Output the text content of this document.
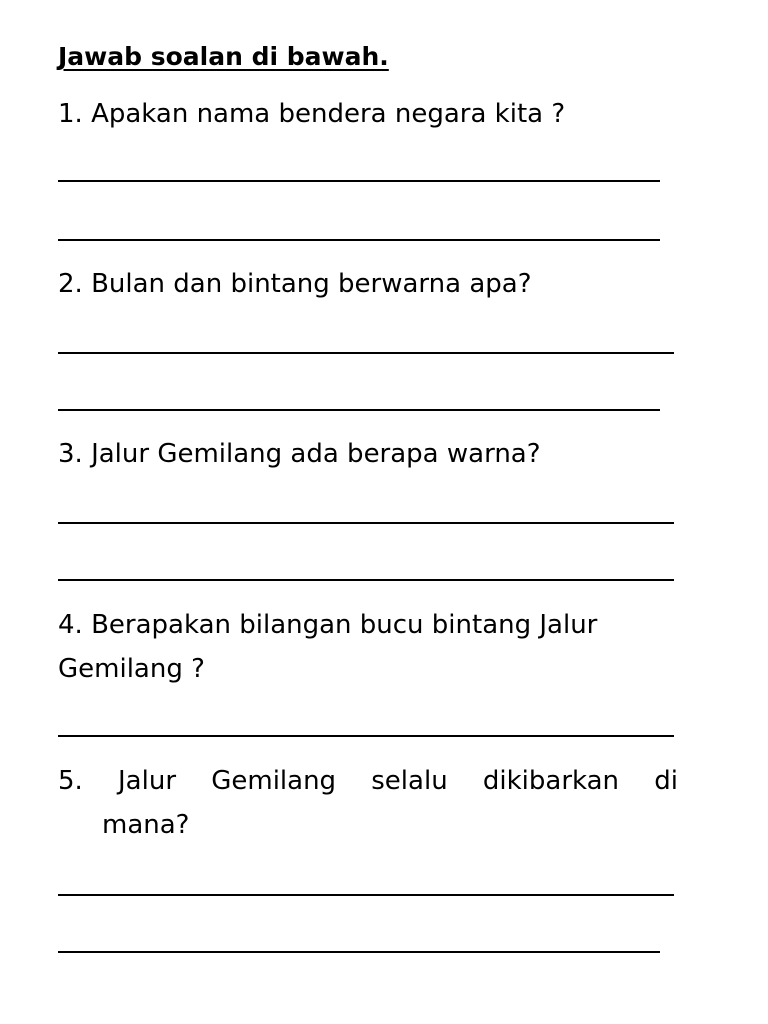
Jawab soalan di bawah.
1. Apakan nama bendera negara kita ?
2. Bulan dan bintang berwarna apa?
3. Jalur Gemilang ada berapa warna?
4. Berapakan bilangan bucu bintang Jalur
Gemilang ?
5. Jalur Gemilang selalu dikibarkan di
mana?
